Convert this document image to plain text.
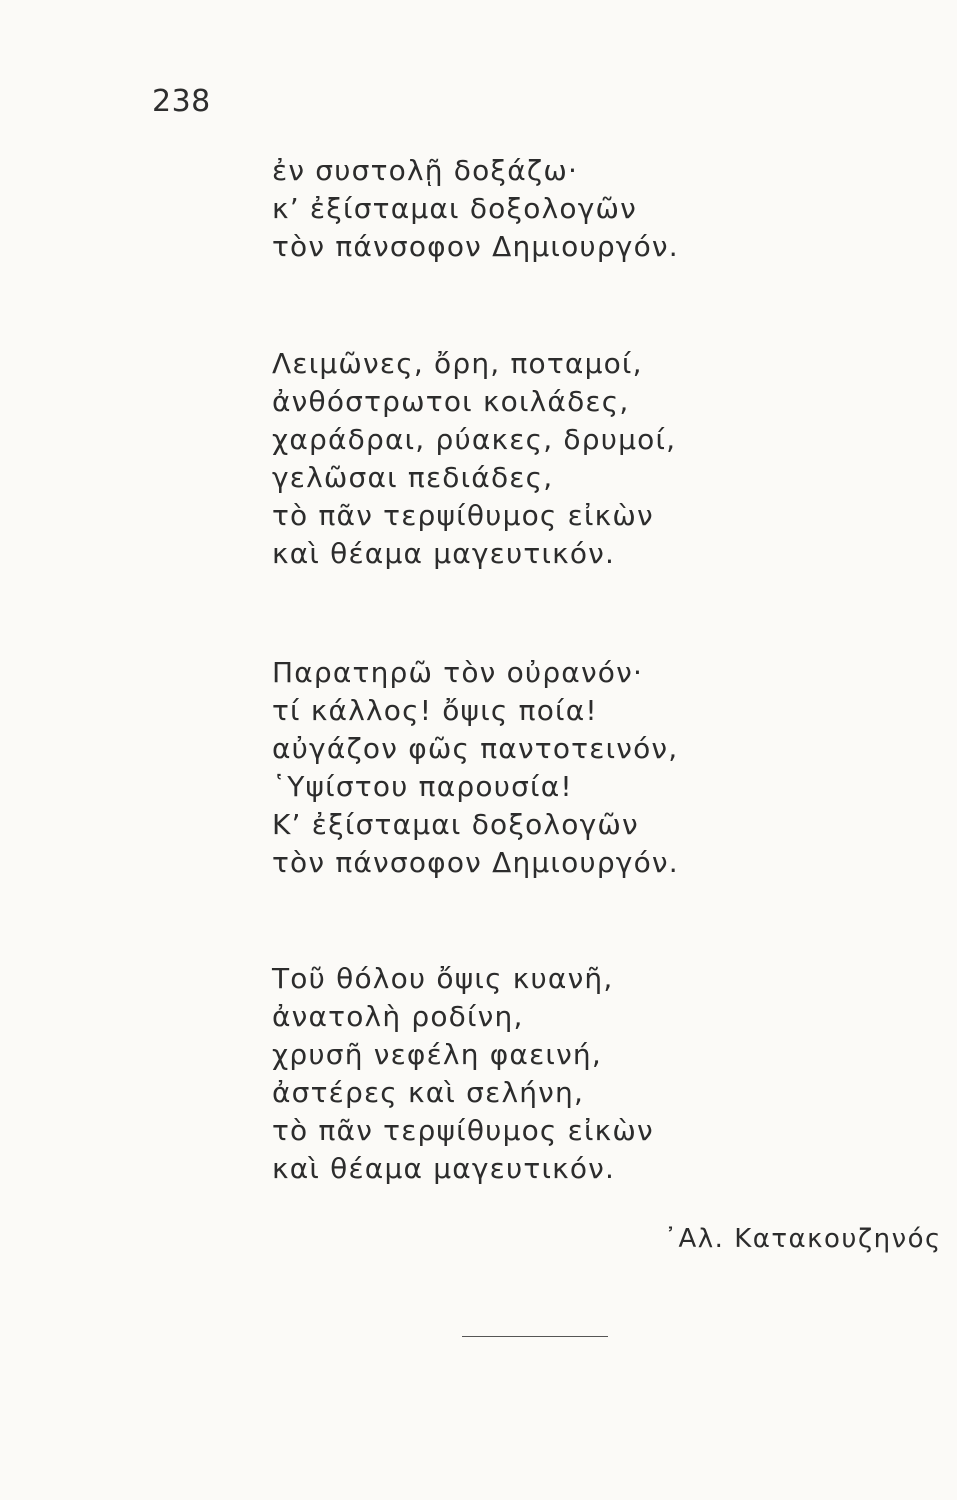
238
ἐν συστολῇ δοξάζω·
κ’ ἐξίσταμαι δοξολογῶν
τὸν πάνσοφον Δημιουργόν.
Λειμῶνες, ὄρη, ποταμοί,
ἀνθόστρωτοι κοιλάδες,
χαράδραι, ρύακες, δρυμοί,
γελῶσαι πεδιάδες,
τὸ πᾶν τερψίθυμος εἰκὼν
καὶ θέαμα μαγευτικόν.
Παρατηρῶ τὸν οὐρανόν·
τί κάλλος! ὄψις ποία!
αὐγάζον φῶς παντοτεινόν,
῾Υψίστου παρουσία!
Κ’ ἐξίσταμαι δοξολογῶν
τὸν πάνσοφον Δημιουργόν.
Τοῦ θόλου ὄψις κυανῆ,
ἀνατολὴ ροδίνη,
χρυσῆ νεφέλη φαεινή,
ἀστέρες καὶ σελήνη,
τὸ πᾶν τερψίθυμος εἰκὼν
καὶ θέαμα μαγευτικόν.
᾿Αλ. Κατακουζηνός
